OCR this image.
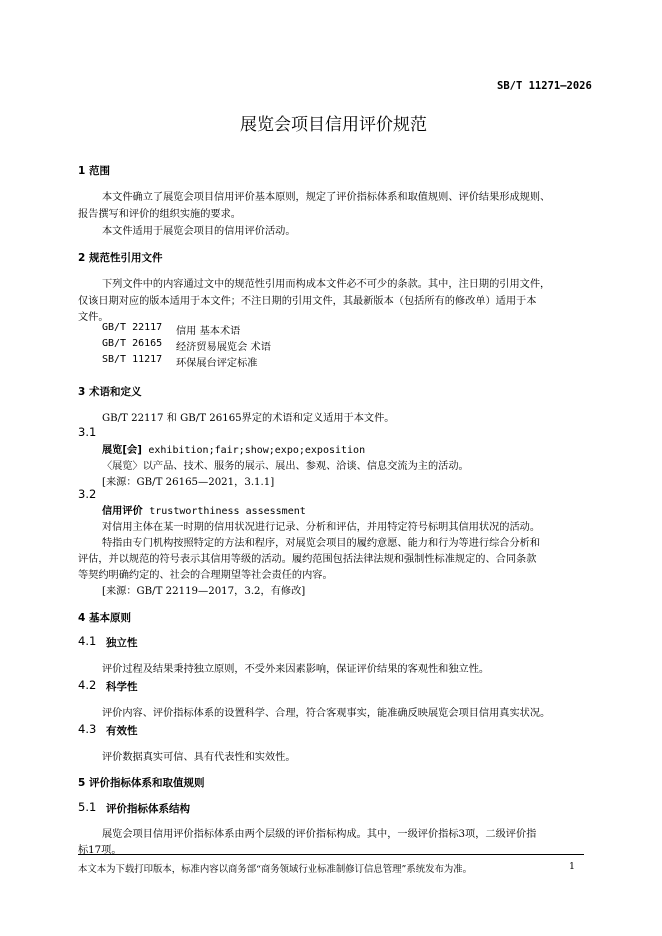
SB/T 11271—2026
展览会项目信用评价规范
1 范围
本文件确立了展览会项目信用评价基本原则，规定了评价指标体系和取值规则、评价结果形成规则、
报告撰写和评价的组织实施的要求。
本文件适用于展览会项目的信用评价活动。
2 规范性引用文件
下列文件中的内容通过文中的规范性引用而构成本文件必不可少的条款。其中，注日期的引用文件，
仅该日期对应的版本适用于本文件；不注日期的引用文件，其最新版本（包括所有的修改单）适用于本
文件。
GB/T 22117 信用 基本术语
GB/T 26165 经济贸易展览会 术语
SB/T 11217 环保展台评定标准
3 术语和定义
GB/T 22117 和 GB/T 26165界定的术语和定义适用于本文件。
3.1
展览[会] exhibition;fair;show;expo;exposition
〈展览〉以产品、技术、服务的展示、展出、参观、洽谈、信息交流为主的活动。
[来源：GB/T 26165—2021，3.1.1]
3.2
信用评价 trustworthiness assessment
对信用主体在某一时期的信用状况进行记录、分析和评估，并用特定符号标明其信用状况的活动。
特指由专门机构按照特定的方法和程序，对展览会项目的履约意愿、能力和行为等进行综合分析和
评估，并以规范的符号表示其信用等级的活动。履约范围包括法律法规和强制性标准规定的、合同条款
等契约明确约定的、社会的合理期望等社会责任的内容。
[来源：GB/T 22119—2017，3.2，有修改]
4 基本原则
4.1 独立性
评价过程及结果秉持独立原则，不受外来因素影响，保证评价结果的客观性和独立性。
4.2 科学性
评价内容、评价指标体系的设置科学、合理，符合客观事实，能准确反映展览会项目信用真实状况。
4.3 有效性
评价数据真实可信、具有代表性和实效性。
5 评价指标体系和取值规则
5.1 评价指标体系结构
展览会项目信用评价指标体系由两个层级的评价指标构成。其中，一级评价指标3项，二级评价指
标17项。
本文本为下载打印版本，标准内容以商务部“商务领域行业标准制修订信息管理”系统发布为准。	1
